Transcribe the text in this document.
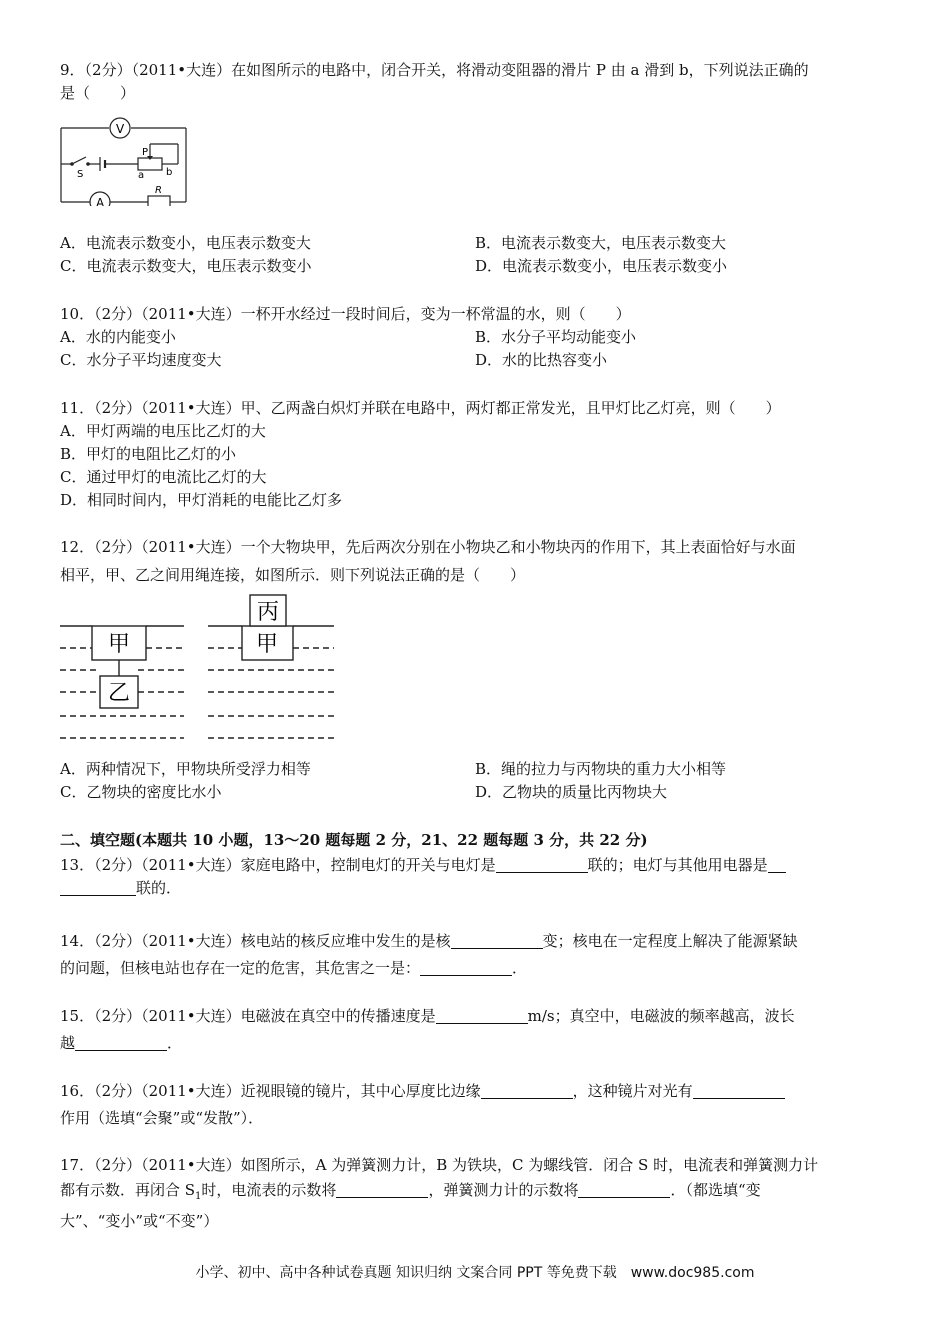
9．（2分）（2011•大连）在如图所示的电路中，闭合开关，将滑动变阻器的滑片 P 由 a 滑到 b，下列说法正确的
是（　　）
V
A
S	a b
P
R
A．电流表示数变小，电压表示数变大	B．电流表示数变大，电压表示数变大
C．电流表示数变大，电压表示数变小	D．电流表示数变小，电压表示数变小
10．（2分）（2011•大连）一杯开水经过一段时间后，变为一杯常温的水，则（　　）
A．水的内能变小	B．水分子平均动能变小
C．水分子平均速度变大	D．水的比热容变小
11．（2分）（2011•大连）甲、乙两盏白炽灯并联在电路中，两灯都正常发光，且甲灯比乙灯亮，则（　　）
A．甲灯两端的电压比乙灯的大
B．甲灯的电阻比乙灯的小
C．通过甲灯的电流比乙灯的大
D．相同时间内，甲灯消耗的电能比乙灯多
12．（2分）（2011•大连）一个大物块甲，先后两次分别在小物块乙和小物块丙的作用下，其上表面恰好与水面
相平，甲、乙之间用绳连接，如图所示．则下列说法正确的是（　　）
甲
乙
甲
丙
A．两种情况下，甲物块所受浮力相等	B．绳的拉力与丙物块的重力大小相等
C．乙物块的密度比水小	D．乙物块的质量比丙物块大
二、填空题(本题共 10 小题，13～20 题每题 2 分，21、22 题每题 3 分，共 22 分)
13．（2分）（2011•大连）家庭电路中，控制电灯的开关与电灯是	联的；电灯与其他用电器是
联的．
14．（2分）（2011•大连）核电站的核反应堆中发生的是核	变；核电在一定程度上解决了能源紧缺
的问题，但核电站也存在一定的危害，其危害之一是：	．
15．（2分）（2011•大连）电磁波在真空中的传播速度是	m/s；真空中，电磁波的频率越高，波长
越	．
16．（2分）（2011•大连）近视眼镜的镜片，其中心厚度比边缘	，这种镜片对光有
作用（选填“会聚”或“发散”）．
17．（2分）（2011•大连）如图所示，A 为弹簧测力计，B 为铁块，C 为螺线管．闭合 S 时，电流表和弹簧测力计
都有示数．再闭合 $S_1$时，电流表的示数将	，弹簧测力计的示数将	．（都选填“变
大”、“变小”或“不变”）
小学、初中、高中各种试卷真题 知识归纳 文案合同 PPT 等免费下载　www.doc985.com
